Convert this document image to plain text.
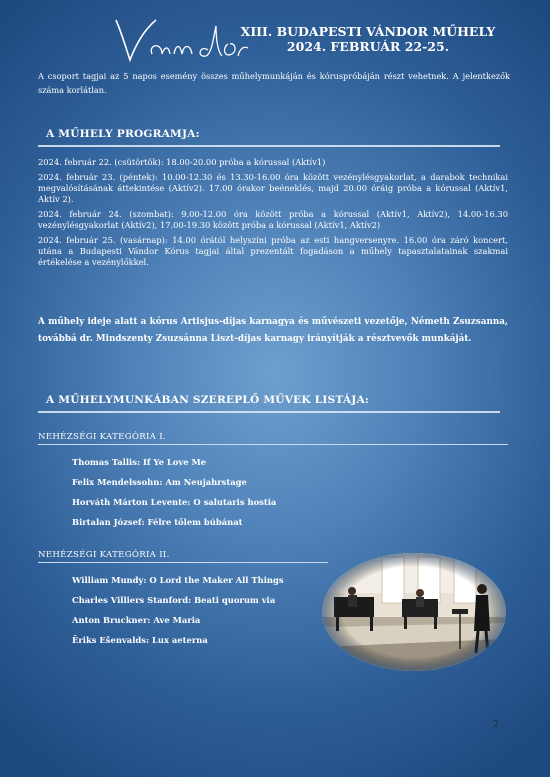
XIII. BUDAPESTI VÁNDOR MŰHELY
2024. FEBRUÁR 22-25.
A csoport tagjai az 5 napos esemény összes műhelymunkáján és kóruspróbáján részt vehetnek. A jelentkezők száma korlátlan.
A MŰHELY PROGRAMJA:

2024. február 22. (csütörtök): 18.00-20.00 próba a kórussal (Aktív1)

2024. február 23. (péntek): 10.00-12.30 és 13.30-16.00 óra között vezénylésgyakorlat, a darabok technikai megvalósításának áttekintése (Aktív2). 17.00 órakor beéneklés, majd 20.00 óráig próba a kórussal (Aktív1, Aktív 2).

2024. február 24. (szombat): 9.00-12.00 óra között próba a kórussal (Aktív1, Aktív2), 14.00-16.30 vezénylésgyakorlat (Aktív2), 17.00-19.30 között próba a kórussal (Aktív1, Aktív2)

2024. február 25. (vasárnap): 14.00 órától helyszíni próba az esti hangversenyre. 16.00 óra záró koncert, utána a Budapesti Vándor Kórus tagjai által prezentált fogadáson a műhely tapasztalatainak szakmai értékelése a vezénylőkkel.

A műhely ideje alatt a kórus Artisjus-díjas karnagya és művészeti vezetője, Németh Zsuzsanna, továbbá dr. Mindszenty Zsuzsánna Liszt-díjas karnagy irányítják a résztvevők munkáját.
A MŰHELYMUNKÁBAN SZEREPLŐ MŰVEK LISTÁJA:
NEHÉZSÉGI KATEGÓRIA I.
Thomas Tallis: If Ye Love Me
Felix Mendelssohn: Am Neujahrstage
Horváth Márton Levente: O salutaris hostia
Birtalan József: Félre tőlem búbánat
NEHÉZSÉGI KATEGÓRIA II.
William Mundy: O Lord the Maker All Things
Charles Villiers Stanford: Beati quorum via
Anton Bruckner: Ave Maria
Ēriks Ešenvalds: Lux aeterna
2
